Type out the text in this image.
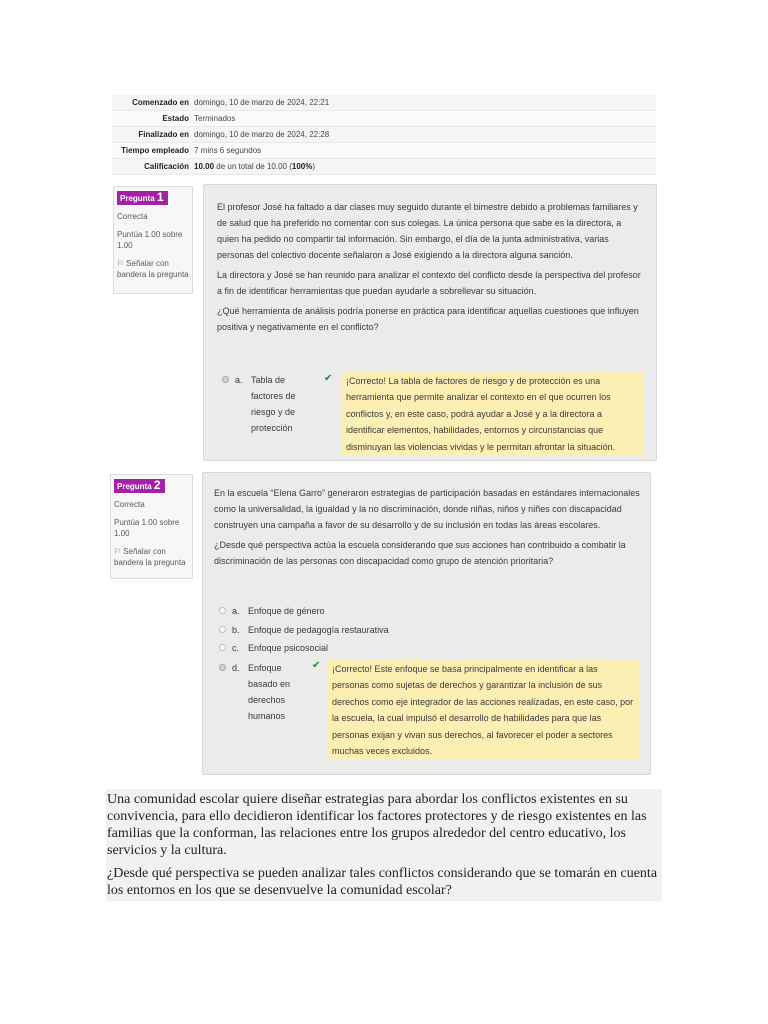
Comenzado en domingo, 10 de marzo de 2024, 22:21
Estado Terminados
Finalizado en domingo, 10 de marzo de 2024, 22:28
Tiempo empleado 7 mins 6 segundos
Calificación 10.00 de un total de 10.00 (100%)
Pregunta 1
Correcta
Puntúa 1.00 sobre 1.00
⚐ Señalar con bandera la pregunta

El profesor José ha faltado a dar clases muy seguido durante el bimestre debido a problemas familiares y de salud que ha preferido no comentar con sus colegas. La única persona que sabe es la directora, a quien ha pedido no compartir tal información. Sin embargo, el día de la junta administrativa, varias personas del colectivo docente señalaron a José exigiendo a la directora alguna sanción.

La directora y José se han reunido para analizar el contexto del conflicto desde la perspectiva del profesor a fin de identificar herramientas que puedan ayudarle a sobrellevar su situación.

¿Qué herramienta de análisis podría ponerse en práctica para identificar aquellas cuestiones que influyen positiva y negativamente en el conflicto?

a. Tabla de factores de riesgo y de protección
✔	¡Correcto! La tabla de factores de riesgo y de protección es una herramienta que permite analizar el contexto en el que ocurren los conflictos y, en este caso, podrá ayudar a José y a la directora a identificar elementos, habilidades, entornos y circunstancias que disminuyan las violencias vividas y le permitan afrontar la situación.
Pregunta 2
Correcta
Puntúa 1.00 sobre 1.00
⚐ Señalar con bandera la pregunta

En la escuela “Elena Garro” generaron estrategias de participación basadas en estándares internacionales como la universalidad, la igualdad y la no discriminación, donde niñas, niños y niñes con discapacidad construyen una campaña a favor de su desarrollo y de su inclusión en todas las áreas escolares.

¿Desde qué perspectiva actúa la escuela considerando que sus acciones han contribuido a combatir la discriminación de las personas con discapacidad como grupo de atención prioritaria?

a. Enfoque de género
b. Enfoque de pedagogía restaurativa
c. Enfoque psicosocial
d. Enfoque basado en derechos humanos
✔	¡Correcto! Este enfoque se basa principalmente en identificar a las personas como sujetas de derechos y garantizar la inclusión de sus derechos como eje integrador de las acciones realizadas, en este caso, por la escuela, la cual impulsó el desarrollo de habilidades para que las personas exijan y vivan sus derechos, al favorecer el poder a sectores muchas veces excluidos.

Una comunidad escolar quiere diseñar estrategias para abordar los conflictos existentes en su convivencia, para ello decidieron identificar los factores protectores y de riesgo existentes en las familias que la conforman, las relaciones entre los grupos alrededor del centro educativo, los servicios y la cultura.

¿Desde qué perspectiva se pueden analizar tales conflictos considerando que se tomarán en cuenta los entornos en los que se desenvuelve la comunidad escolar?
